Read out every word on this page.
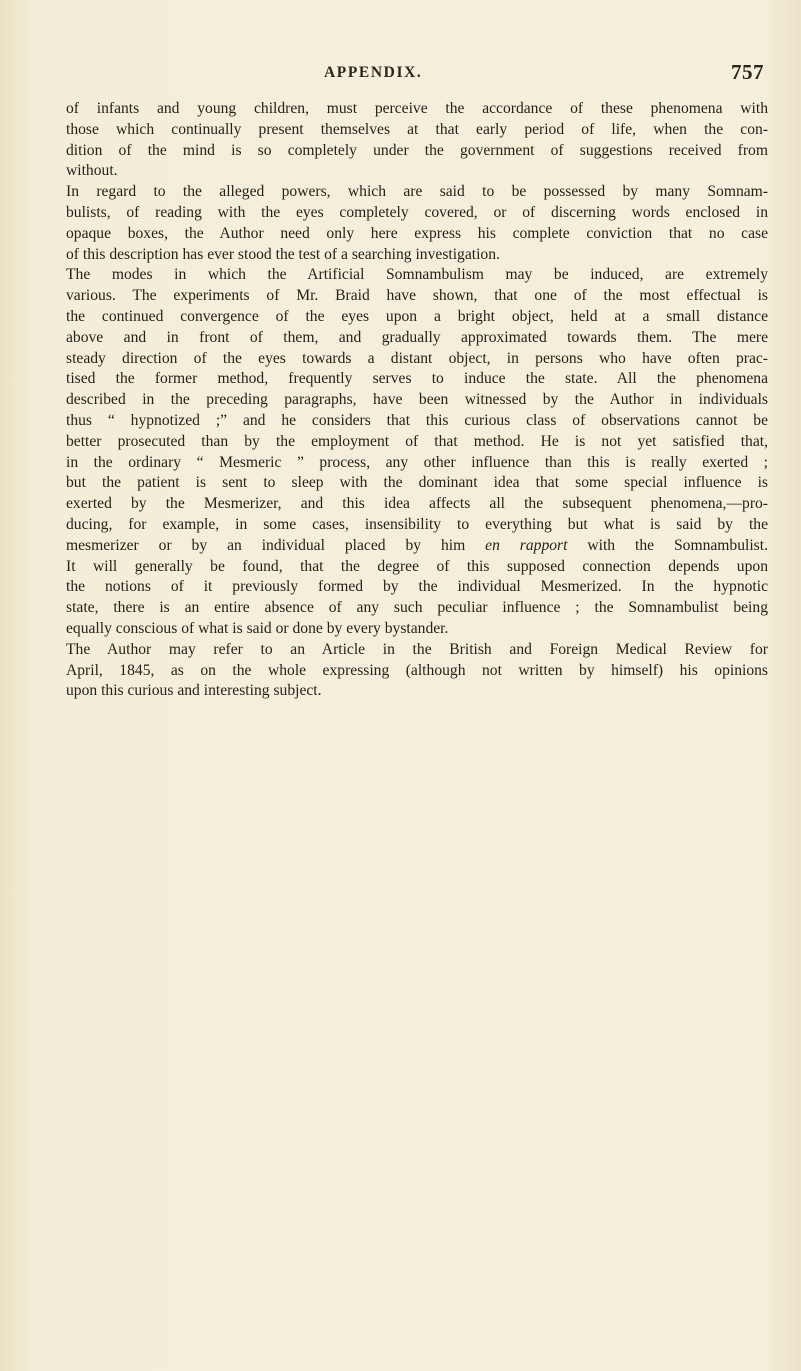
APPENDIX.	757

of infants and young children, must perceive the accordance of these phenomena with
those which continually present themselves at that early period of life, when the con-
dition of the mind is so completely under the government of suggestions received from
without.

In regard to the alleged powers, which are said to be possessed by many Somnam-
bulists, of reading with the eyes completely covered, or of discerning words enclosed in
opaque boxes, the Author need only here express his complete conviction that no case
of this description has ever stood the test of a searching investigation.

The modes in which the Artificial Somnambulism may be induced, are extremely
various. The experiments of Mr. Braid have shown, that one of the most effectual is
the continued convergence of the eyes upon a bright object, held at a small distance
above and in front of them, and gradually approximated towards them. The mere
steady direction of the eyes towards a distant object, in persons who have often prac-
tised the former method, frequently serves to induce the state. All the phenomena
described in the preceding paragraphs, have been witnessed by the Author in individuals
thus “ hypnotized ;” and he considers that this curious class of observations cannot be
better prosecuted than by the employment of that method. He is not yet satisfied that,
in the ordinary “ Mesmeric ” process, any other influence than this is really exerted ;
but the patient is sent to sleep with the dominant idea that some special influence is
exerted by the Mesmerizer, and this idea affects all the subsequent phenomena,—pro-
ducing, for example, in some cases, insensibility to everything but what is said by the
mesmerizer or by an individual placed by him en rapport with the Somnambulist.
It will generally be found, that the degree of this supposed connection depends upon
the notions of it previously formed by the individual Mesmerized. In the hypnotic
state, there is an entire absence of any such peculiar influence ; the Somnambulist being
equally conscious of what is said or done by every bystander.

The Author may refer to an Article in the British and Foreign Medical Review for
April, 1845, as on the whole expressing (although not written by himself) his opinions
upon this curious and interesting subject.
